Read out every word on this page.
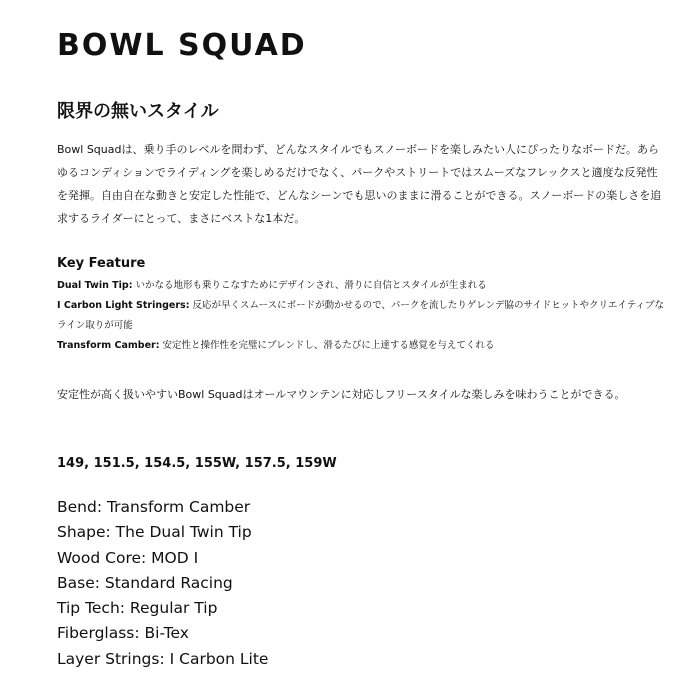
BOWL SQUAD
限界の無いスタイル

Bowl Squadは、乗り手のレベルを問わず、どんなスタイルでもスノーボードを楽しみたい人にぴったりなボードだ。あらゆるコンディションでライディングを楽しめるだけでなく、パークやストリートではスムーズなフレックスと適度な反発性を発揮。自由自在な動きと安定した性能で、どんなシーンでも思いのままに滑ることができる。スノーボードの楽しさを追求するライダーにとって、まさにベストな1本だ。

Key Feature
Dual Twin Tip: いかなる地形も乗りこなすためにデザインされ、滑りに自信とスタイルが生まれる
I Carbon Light Stringers: 反応が早くスムースにボードが動かせるので、パークを流したりゲレンデ脇のサイドヒットやクリエイティブなライン取りが可能
Transform Camber: 安定性と操作性を完璧にブレンドし、滑るたびに上達する感覚を与えてくれる

安定性が高く扱いやすいBowl Squadはオールマウンテンに対応しフリースタイルな楽しみを味わうことができる。

149, 151.5, 154.5, 155W, 157.5, 159W

Bend: Transform Camber
Shape: The Dual Twin Tip
Wood Core: MOD I
Base: Standard Racing
Tip Tech: Regular Tip
Fiberglass: Bi-Tex
Layer Strings: I Carbon Lite
